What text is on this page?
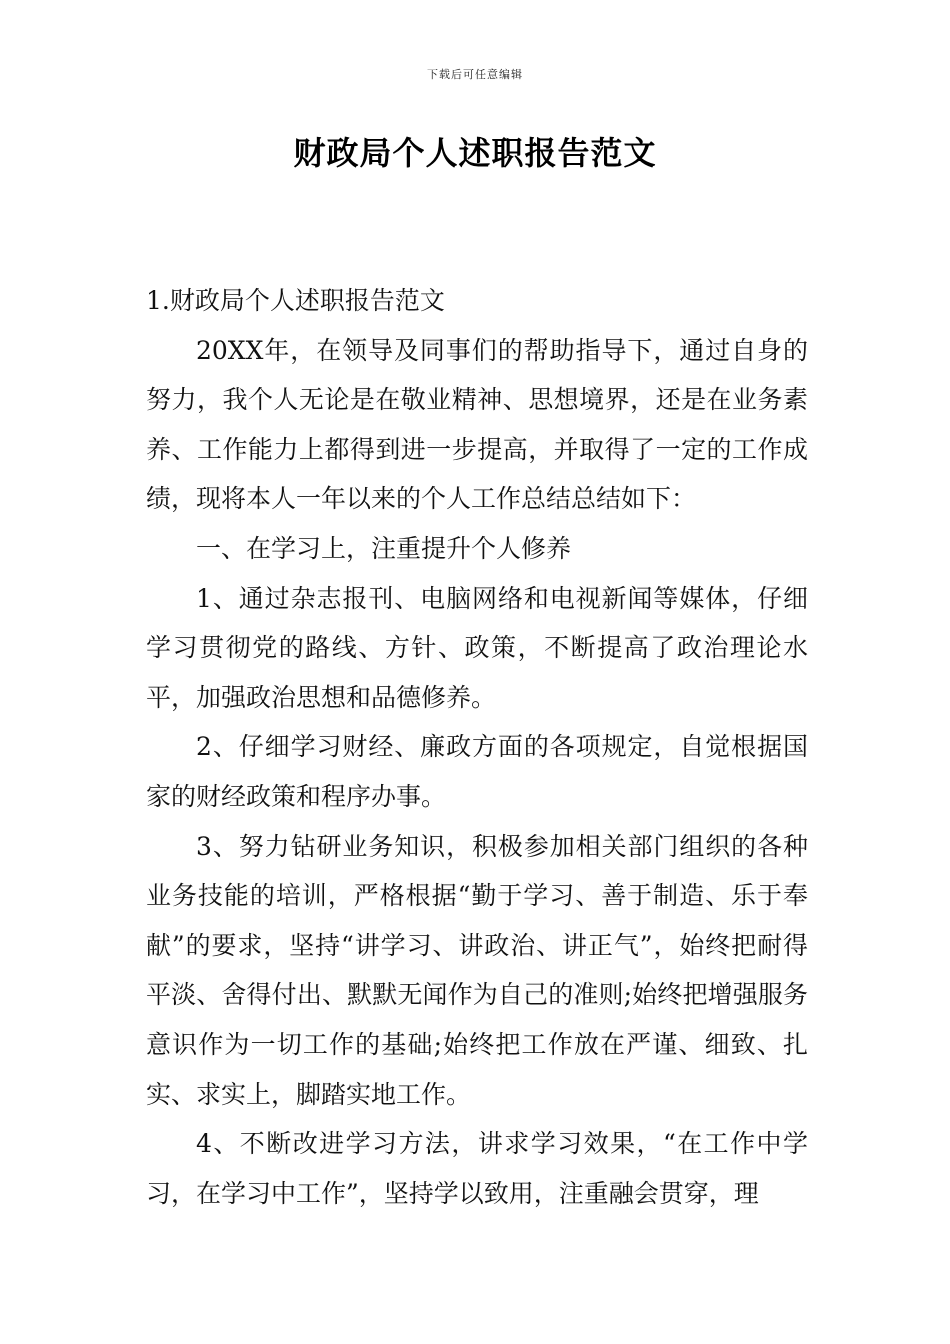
下载后可任意编辑
财政局个人述职报告范文

1.财政局个人述职报告范文

20XX年，在领导及同事们的帮助指导下，通过自身的努力，我个人无论是在敬业精神、思想境界，还是在业务素养、工作能力上都得到进一步提高，并取得了一定的工作成绩，现将本人一年以来的个人工作总结总结如下：

一、在学习上，注重提升个人修养

1、通过杂志报刊、电脑网络和电视新闻等媒体，仔细学习贯彻党的路线、方针、政策，不断提高了政治理论水平，加强政治思想和品德修养。

2、仔细学习财经、廉政方面的各项规定，自觉根据国家的财经政策和程序办事。

3、努力钻研业务知识，积极参加相关部门组织的各种业务技能的培训，严格根据“勤于学习、善于制造、乐于奉献”的要求，坚持“讲学习、讲政治、讲正气”，始终把耐得平淡、舍得付出、默默无闻作为自己的准则;始终把增强服务意识作为一切工作的基础;始终把工作放在严谨、细致、扎实、求实上，脚踏实地工作。

4、不断改进学习方法，讲求学习效果，“在工作中学习，在学习中工作”，坚持学以致用，注重融会贯穿，理
